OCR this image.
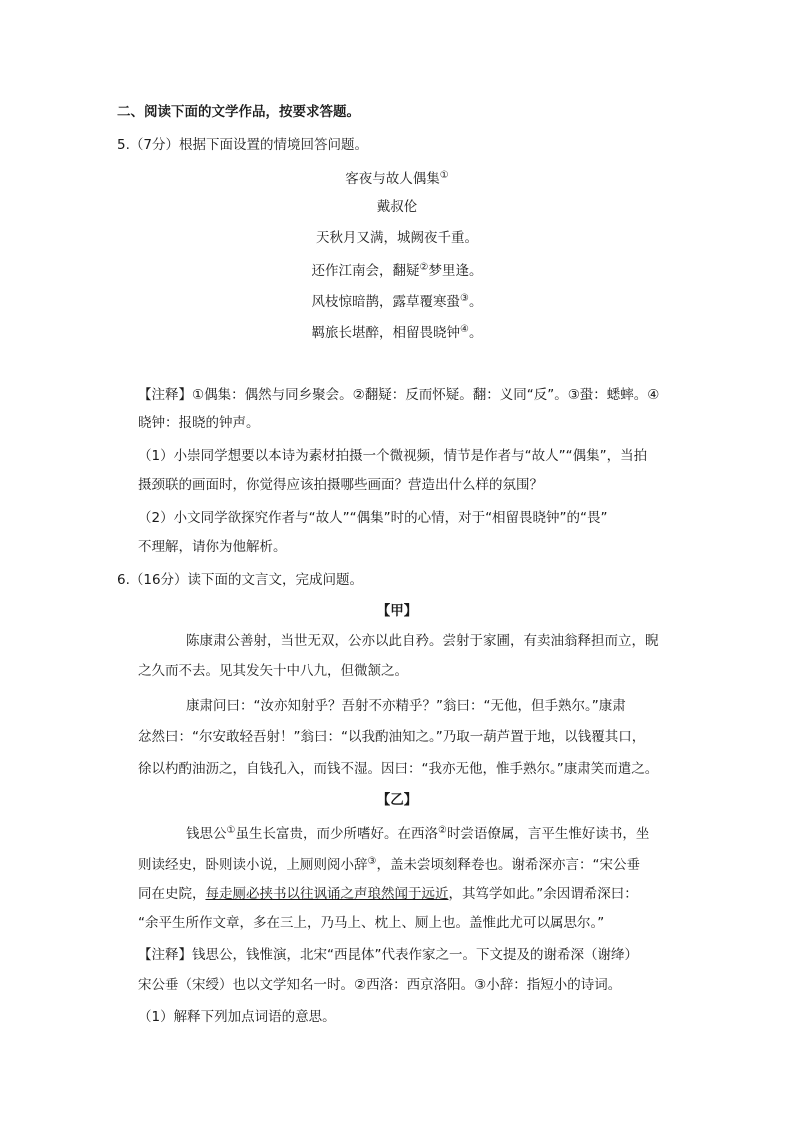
二、阅读下面的文学作品，按要求答题。
5.（7分）根据下面设置的情境回答问题。
客夜与故人偶集①
戴叔伦
天秋月又满，城阙夜千重。
还作江南会，翻疑②梦里逢。
风枝惊暗鹊，露草覆寒蛩③。
羁旅长堪醉，相留畏晓钟④。
【注释】①偶集：偶然与同乡聚会。②翻疑：反而怀疑。翻：义同“反”。③蛩：蟋蟀。④
晓钟：报晓的钟声。
（1）小崇同学想要以本诗为素材拍摄一个微视频，情节是作者与“故人”“偶集”，当拍
摄颈联的画面时，你觉得应该拍摄哪些画面？营造出什么样的氛围？
（2）小文同学欲探究作者与“故人”“偶集”时的心情，对于“相留畏晓钟”的“畏”
不理解，请你为他解析。
6.（16分）读下面的文言文，完成问题。
【甲】
陈康肃公善射，当世无双，公亦以此自矜。尝射于家圃，有卖油翁释担而立，睨
之久而不去。见其发矢十中八九，但微颔之。
康肃问曰：“汝亦知射乎？吾射不亦精乎？”翁曰：“无他，但手熟尔。”康肃
忿然曰：“尔安敢轻吾射！”翁曰：“以我酌油知之。”乃取一葫芦置于地，以钱覆其口，
徐以杓酌油沥之，自钱孔入，而钱不湿。因曰：“我亦无他，惟手熟尔。”康肃笑而遣之。
【乙】
钱思公①虽生长富贵，而少所嗜好。在西洛②时尝语僚属，言平生惟好读书，坐
则读经史，卧则读小说，上厕则阅小辞③，盖未尝顷刻释卷也。谢希深亦言：“宋公垂
同在史院，每走厕必挟书以往讽诵之声琅然闻于远近，其笃学如此。”余因谓希深曰：
“余平生所作文章，多在三上，乃马上、枕上、厕上也。盖惟此尤可以属思尔。”
【注释】钱思公，钱惟演，北宋“西昆体”代表作家之一。下文提及的谢希深（谢绛）
宋公垂（宋绶）也以文学知名一时。②西洛：西京洛阳。③小辞：指短小的诗词。
（1）解释下列加点词语的意思。
